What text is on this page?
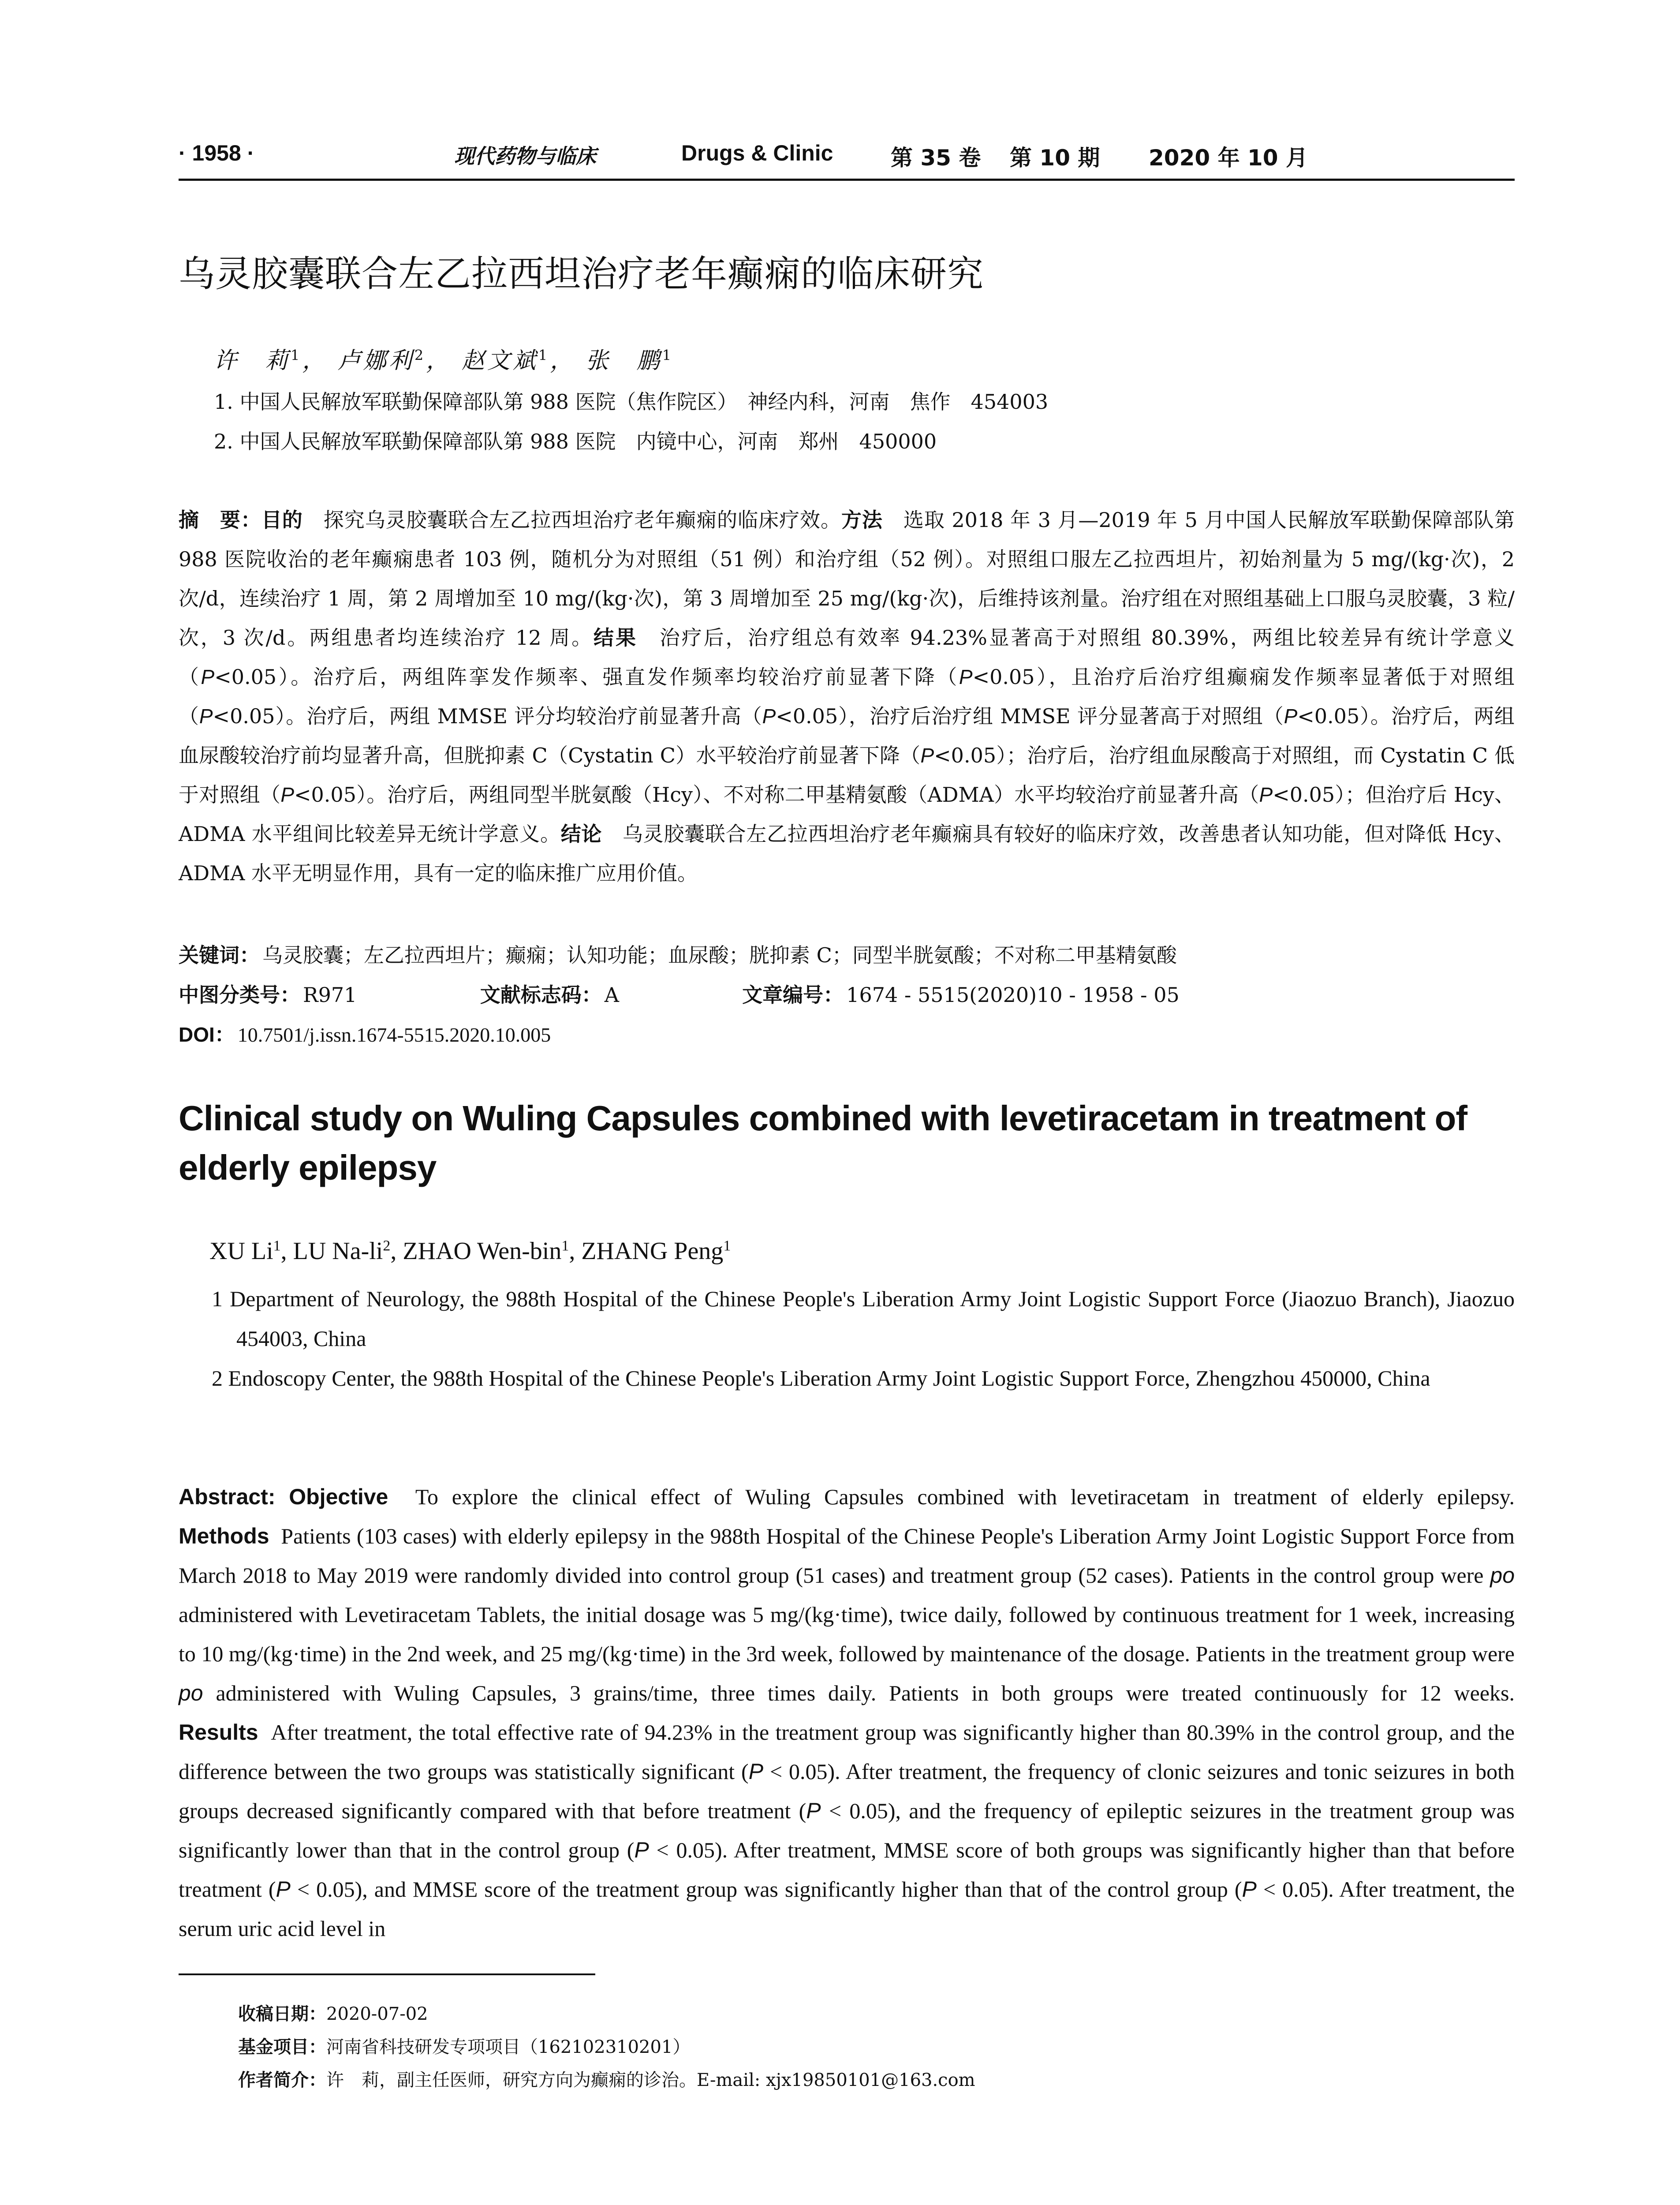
· 1958 ·	现代药物与临床	Drugs & Clinic	第 35 卷 第 10 期 2020 年 10 月
乌灵胶囊联合左乙拉西坦治疗老年癫痫的临床研究
许　莉$^1$， 卢娜利$^2$， 赵文斌$^1$， 张　鹏$^1$
1. 中国人民解放军联勤保障部队第 988 医院（焦作院区）　神经内科，河南　焦作　454003
2. 中国人民解放军联勤保障部队第 988 医院　内镜中心，河南　郑州　450000
摘　要：目的　 探究乌灵胶囊联合左乙拉西坦治疗老年癫痫的临床疗效。方法　 选取 2018 年 3 月—2019 年 5 月中国人民解放军联勤保障部队第 988 医院收治的老年癫痫患者 103 例，随机分为对照组（51 例）和治疗组（52 例）。对照组口服左乙拉西坦片，初始剂量为 5 mg/(kg·次)，2 次/d，连续治疗 1 周，第 2 周增加至 10 mg/(kg·次)，第 3 周增加至 25 mg/(kg·次)，后维持该剂量。治疗组在对照组基础上口服乌灵胶囊，3 粒/次，3 次/d。两组患者均连续治疗 12 周。结果　 治疗后，治疗组总有效率 94.23%显著高于对照组 80.39%，两组比较差异有统计学意义（P<0.05）。治疗后，两组阵挛发作频率、强直发作频率均较治疗前显著下降（P<0.05），且治疗后治疗组癫痫发作频率显著低于对照组（P<0.05）。治疗后，两组 MMSE 评分均较治疗前显著升高（P<0.05），治疗后治疗组 MMSE 评分显著高于对照组（P<0.05）。治疗后，两组血尿酸较治疗前均显著升高，但胱抑素 C（Cystatin C）水平较治疗前显著下降（P<0.05）；治疗后，治疗组血尿酸高于对照组，而 Cystatin C 低于对照组（P<0.05）。治疗后，两组同型半胱氨酸（Hcy）、不对称二甲基精氨酸（ADMA）水平均较治疗前显著升高（P<0.05）；但治疗后 Hcy、ADMA 水平组间比较差异无统计学意义。结论　 乌灵胶囊联合左乙拉西坦治疗老年癫痫具有较好的临床疗效，改善患者认知功能，但对降低 Hcy、ADMA 水平无明显作用，具有一定的临床推广应用价值。
关键词： 乌灵胶囊；左乙拉西坦片；癫痫；认知功能；血尿酸；胱抑素 C；同型半胱氨酸；不对称二甲基精氨酸
中图分类号： R971	文献标志码： A	文章编号： 1674 - 5515(2020)10 - 1958 - 05
DOI： 10.7501/j.issn.1674-5515.2020.10.005
Clinical study on Wuling Capsules combined with levetiracetam in treatment of elderly epilepsy
XU Li$^1$, LU $Na-li^2$, ZHAO Wen-bin$^1$, ZHANG Peng$^1$
1 Department of Neurology, the 988th Hospital of the Chinese People's Liberation Army Joint Logistic Support Force (Jiaozuo Branch), Jiaozuo 454003, China
2 Endoscopy Center, the 988th Hospital of the Chinese People's Liberation Army Joint Logistic Support Force, Zhengzhou 450000, China
Abstract: Objective To explore the clinical effect of Wuling Capsules combined with levetiracetam in treatment of elderly epilepsy. Methods Patients (103 cases) with elderly epilepsy in the 988th Hospital of the Chinese People's Liberation Army Joint Logistic Support Force from March 2018 to May 2019 were randomly divided into control group (51 cases) and treatment group (52 cases). Patients in the control group were po administered with Levetiracetam Tablets, the initial dosage was 5 mg/(kg·time), twice daily, followed by continuous treatment for 1 week, increasing to 10 mg/(kg·time) in the 2nd week, and 25 mg/(kg·time) in the 3rd week, followed by maintenance of the dosage. Patients in the treatment group were po administered with Wuling Capsules, 3 grains/time, three times daily. Patients in both groups were treated continuously for 12 weeks. Results After treatment, the total effective rate of 94.23% in the treatment group was significantly higher than 80.39% in the control group, and the difference between the two groups was statistically significant (P < 0.05). After treatment, the frequency of clonic seizures and tonic seizures in both groups decreased significantly compared with that before treatment (P < 0.05), and the frequency of epileptic seizures in the treatment group was significantly lower than that in the control group (P < 0.05). After treatment, MMSE score of both groups was significantly higher than that before treatment (P < 0.05), and MMSE score of the treatment group was significantly higher than that of the control group (P < 0.05). After treatment, the serum uric acid level in
收稿日期：2020-07-02
基金项目：河南省科技研发专项项目（162102310201）
作者简介：许　莉，副主任医师，研究方向为癫痫的诊治。E-mail: xjx19850101@163.com
